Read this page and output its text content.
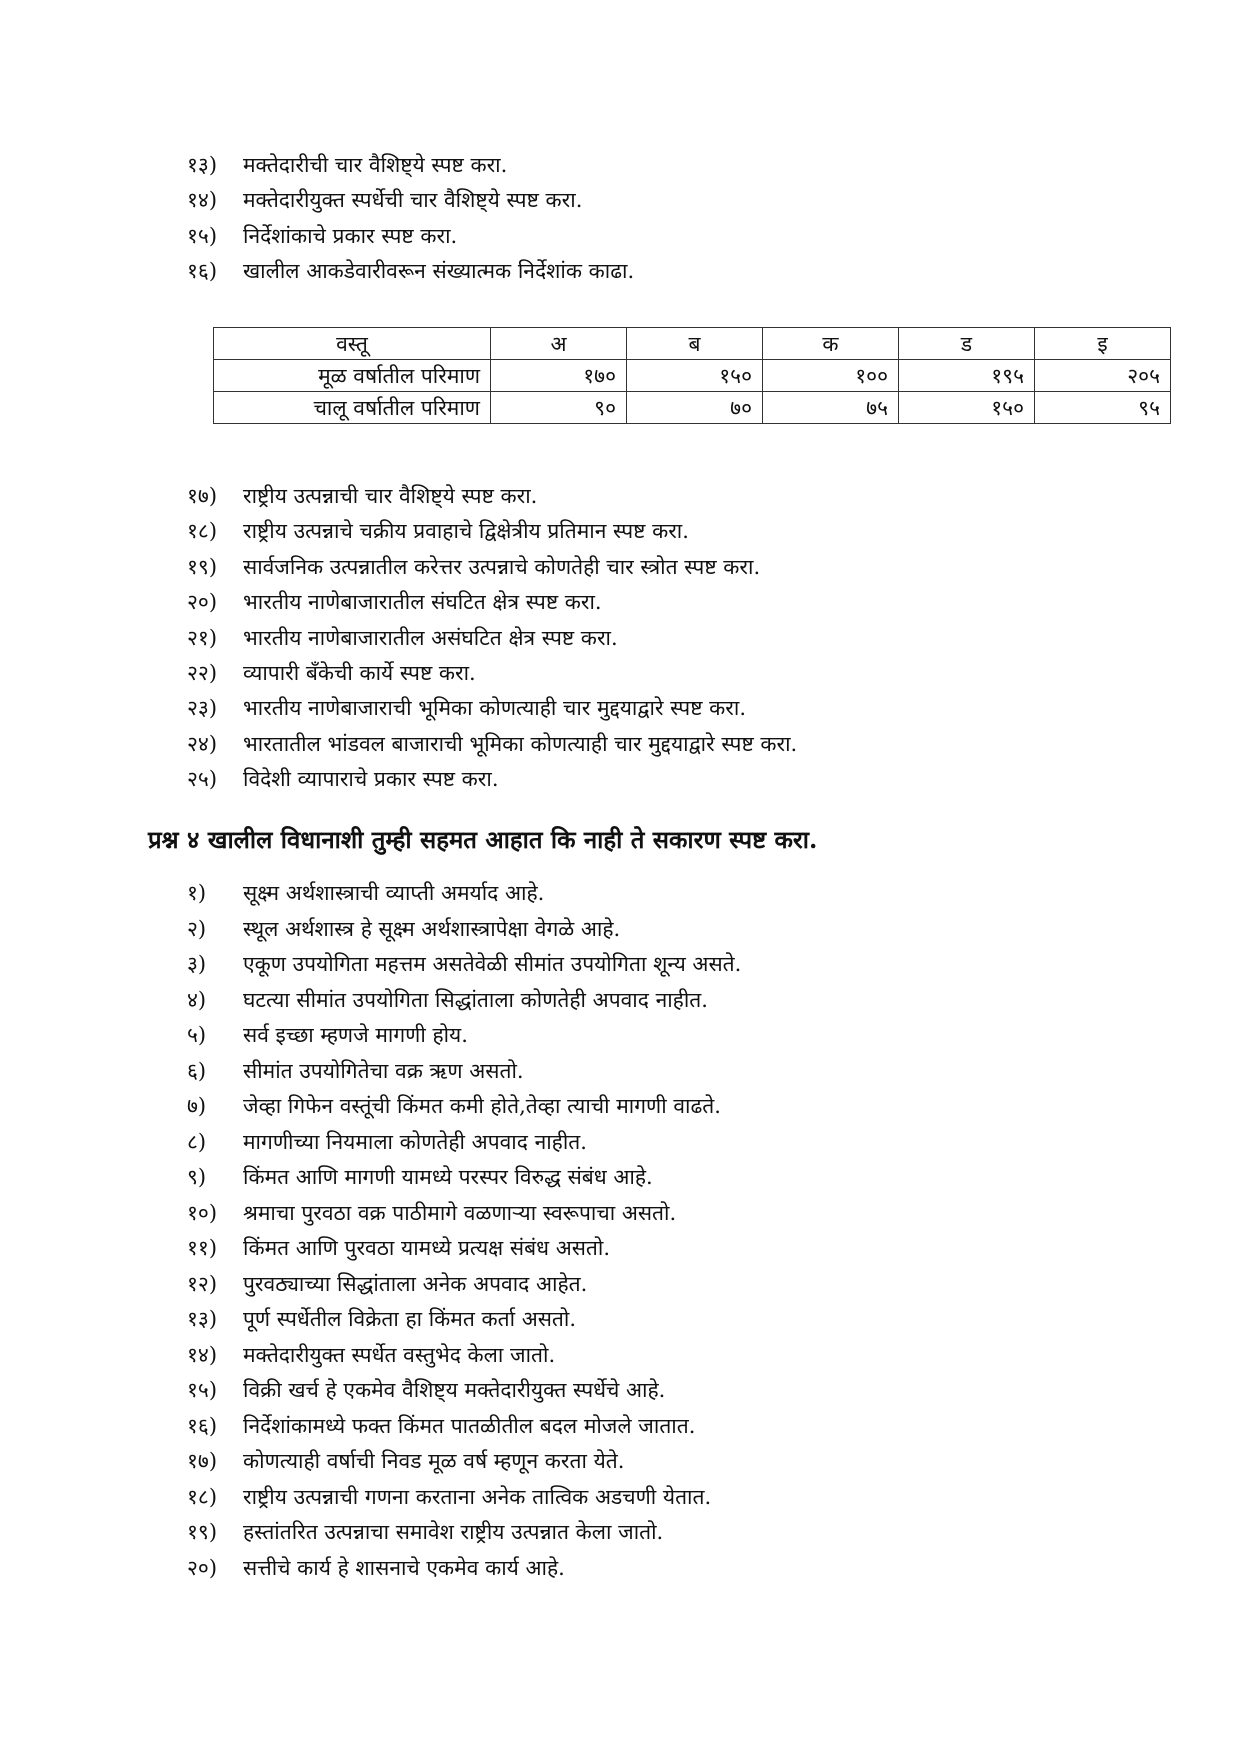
१३)	मक्तेदारीची चार वैशिष्ट्ये स्पष्ट करा.
१४)	मक्तेदारीयुक्त स्पर्धेची चार वैशिष्ट्ये स्पष्ट करा.
१५)	निर्देशांकाचे प्रकार स्पष्ट करा.
१६)	खालील आकडेवारीवरून संख्यात्मक निर्देशांक काढा.
वस्तू	अ	ब	क	ड	इ
मूळ वर्षातील परिमाण	१७०	१५०	१००	१९५	२०५
चालू वर्षातील परिमाण	९०	७०	७५	१५०	९५
१७)	राष्ट्रीय उत्पन्नाची चार वैशिष्ट्ये स्पष्ट करा.
१८)	राष्ट्रीय उत्पन्नाचे चक्रीय प्रवाहाचे द्विक्षेत्रीय प्रतिमान स्पष्ट करा.
१९)	सार्वजनिक उत्पन्नातील करेत्तर उत्पन्नाचे कोणतेही चार स्त्रोत स्पष्ट करा.
२०)	भारतीय नाणेबाजारातील संघटित क्षेत्र स्पष्ट करा.
२१)	भारतीय नाणेबाजारातील असंघटित क्षेत्र स्पष्ट करा.
२२)	व्यापारी बँकेची कार्ये स्पष्ट करा.
२३)	भारतीय नाणेबाजाराची भूमिका कोणत्याही चार मुद्दयाद्वारे स्पष्ट करा.
२४)	भारतातील भांडवल बाजाराची भूमिका कोणत्याही चार मुद्दयाद्वारे स्पष्ट करा.
२५)	विदेशी व्यापाराचे प्रकार स्पष्ट करा.
प्रश्न ४ खालील विधानाशी तुम्ही सहमत आहात कि नाही ते सकारण स्पष्ट करा.
१)	सूक्ष्म अर्थशास्त्राची व्याप्ती अमर्याद आहे.
२)	स्थूल अर्थशास्त्र हे सूक्ष्म अर्थशास्त्रापेक्षा वेगळे आहे.
३)	एकूण उपयोगिता महत्तम असतेवेळी सीमांत उपयोगिता शून्य असते.
४)	घटत्या सीमांत उपयोगिता सिद्धांताला कोणतेही अपवाद नाहीत.
५)	सर्व इच्छा म्हणजे मागणी होय.
६)	सीमांत उपयोगितेचा वक्र ऋण असतो.
७)	जेव्हा गिफेन वस्तूंची किंमत कमी होते,तेव्हा त्याची मागणी वाढते.
८)	मागणीच्या नियमाला कोणतेही अपवाद नाहीत.
९)	किंमत आणि मागणी यामध्ये परस्पर विरुद्ध संबंध आहे.
१०)	श्रमाचा पुरवठा वक्र पाठीमागे वळणाऱ्या स्वरूपाचा असतो.
११)	किंमत आणि पुरवठा यामध्ये प्रत्यक्ष संबंध असतो.
१२)	पुरवठ्याच्या सिद्धांताला अनेक अपवाद आहेत.
१३)	पूर्ण स्पर्धेतील विक्रेता हा किंमत कर्ता असतो.
१४)	मक्तेदारीयुक्त स्पर्धेत वस्तुभेद केला जातो.
१५)	विक्री खर्च हे एकमेव वैशिष्ट्य मक्तेदारीयुक्त स्पर्धेचे आहे.
१६)	निर्देशांकामध्ये फक्त किंमत पातळीतील बदल मोजले जातात.
१७)	कोणत्याही वर्षाची निवड मूळ वर्ष म्हणून करता येते.
१८)	राष्ट्रीय उत्पन्नाची गणना करताना अनेक तात्विक अडचणी येतात.
१९)	हस्तांतरित उत्पन्नाचा समावेश राष्ट्रीय उत्पन्नात केला जातो.
२०)	सत्तीचे कार्य हे शासनाचे एकमेव कार्य आहे.
